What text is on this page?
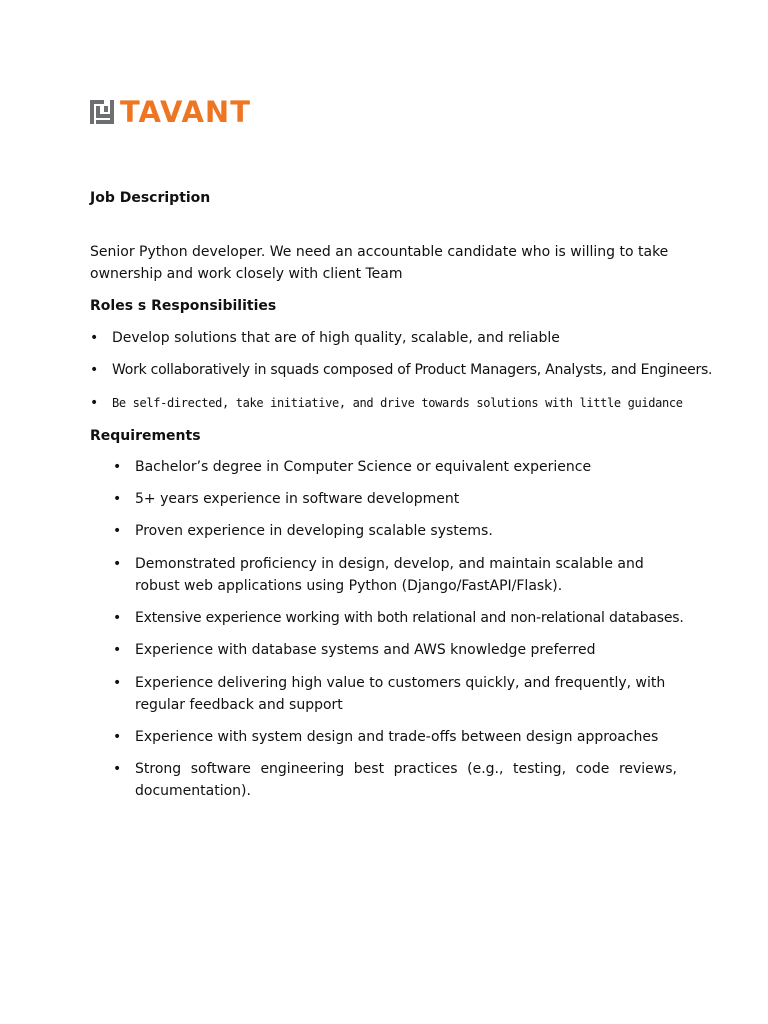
TAVANT
Job Description
Senior Python developer. We need an accountable candidate who is willing to take ownership and work closely with client Team
Roles s Responsibilities
• Develop solutions that are of high quality, scalable, and reliable
• Work collaboratively in squads composed of Product Managers, Analysts, and Engineers.
• Be self-directed, take initiative, and drive towards solutions with little guidance
Requirements
• Bachelor’s degree in Computer Science or equivalent experience
• 5+ years experience in software development
• Proven experience in developing scalable systems.
• Demonstrated proficiency in design, develop, and maintain scalable and robust web applications using Python (Django/FastAPI/Flask).
• Extensive experience working with both relational and non-relational databases.
• Experience with database systems and AWS knowledge preferred
• Experience delivering high value to customers quickly, and frequently, with regular feedback and support
• Experience with system design and trade-offs between design approaches
• Strong software engineering best practices (e.g., testing, code reviews, documentation).
